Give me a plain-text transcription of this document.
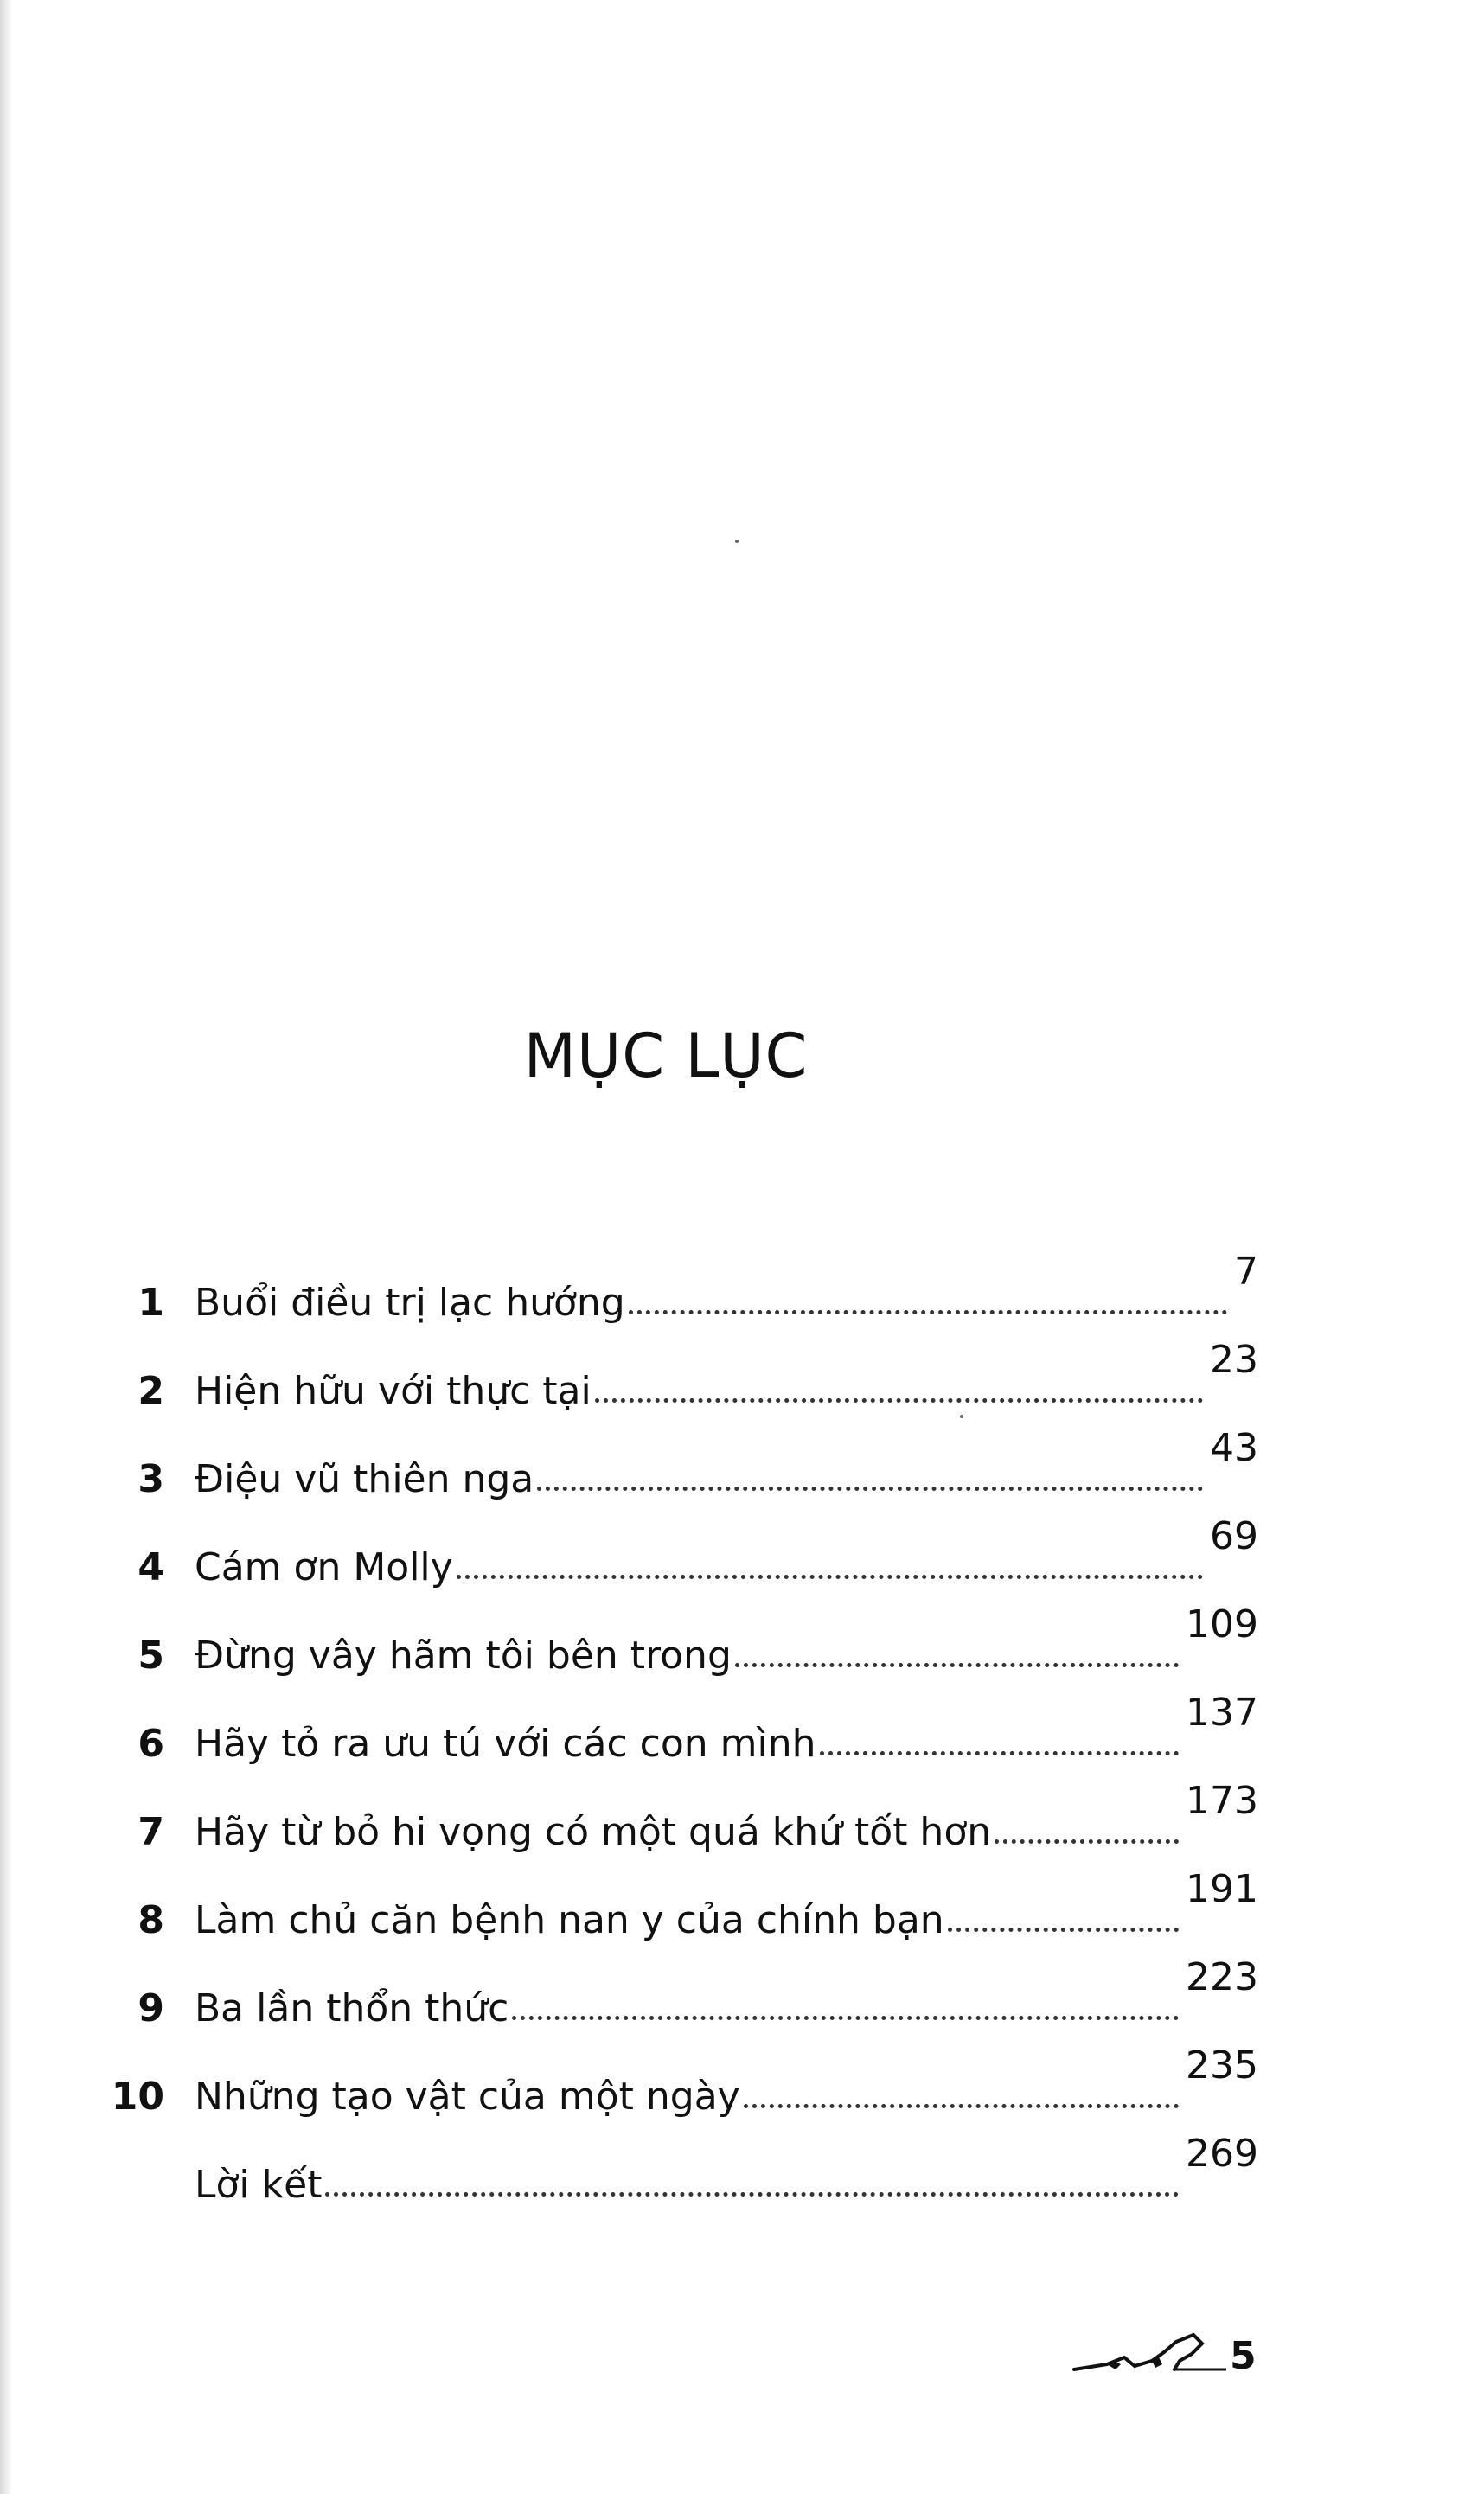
MỤC LỤC
1 Buổi điều trị lạc hướng
7
2 Hiện hữu với thực tại
23
3 Điệu vũ thiên nga
43
4 Cám ơn Molly
69
5 Đừng vây hãm tôi bên trong
109
6 Hãy tỏ ra ưu tú với các con mình
137
7 Hãy từ bỏ hi vọng có một quá khứ tốt hơn
173
8 Làm chủ căn bệnh nan y của chính bạn
191
9 Ba lần thổn thức
223
10 Những tạo vật của một ngày
235
Lời kết
269
5
